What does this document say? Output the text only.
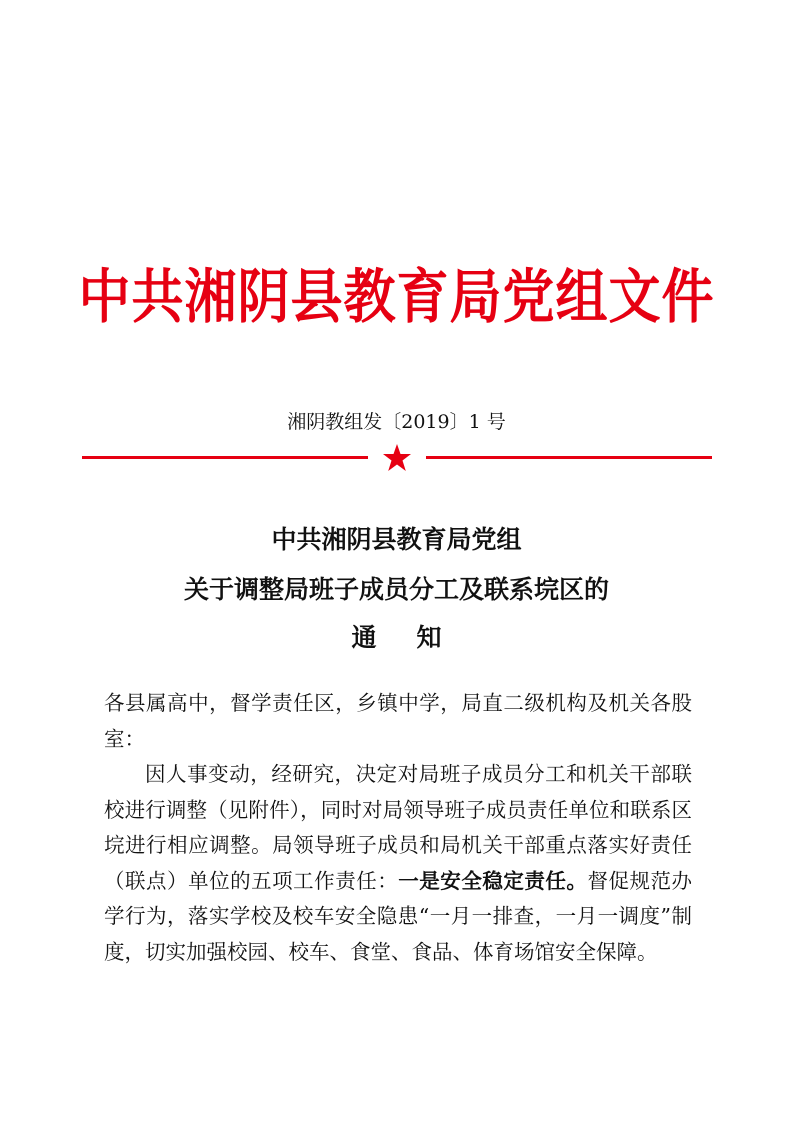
中共湘阴县教育局党组文件
湘阴教组发〔2019〕1 号
中共湘阴县教育局党组
关于调整局班子成员分工及联系垸区的
通知
各县属高中，督学责任区，乡镇中学，局直二级机构及机关各股室：
因人事变动，经研究，决定对局班子成员分工和机关干部联校进行调整（见附件），同时对局领导班子成员责任单位和联系区垸进行相应调整。局领导班子成员和局机关干部重点落实好责任（联点）单位的五项工作责任：一是安全稳定责任。督促规范办学行为，落实学校及校车安全隐患“一月一排查，一月一调度”制度，切实加强校园、校车、食堂、食品、体育场馆安全保障。
